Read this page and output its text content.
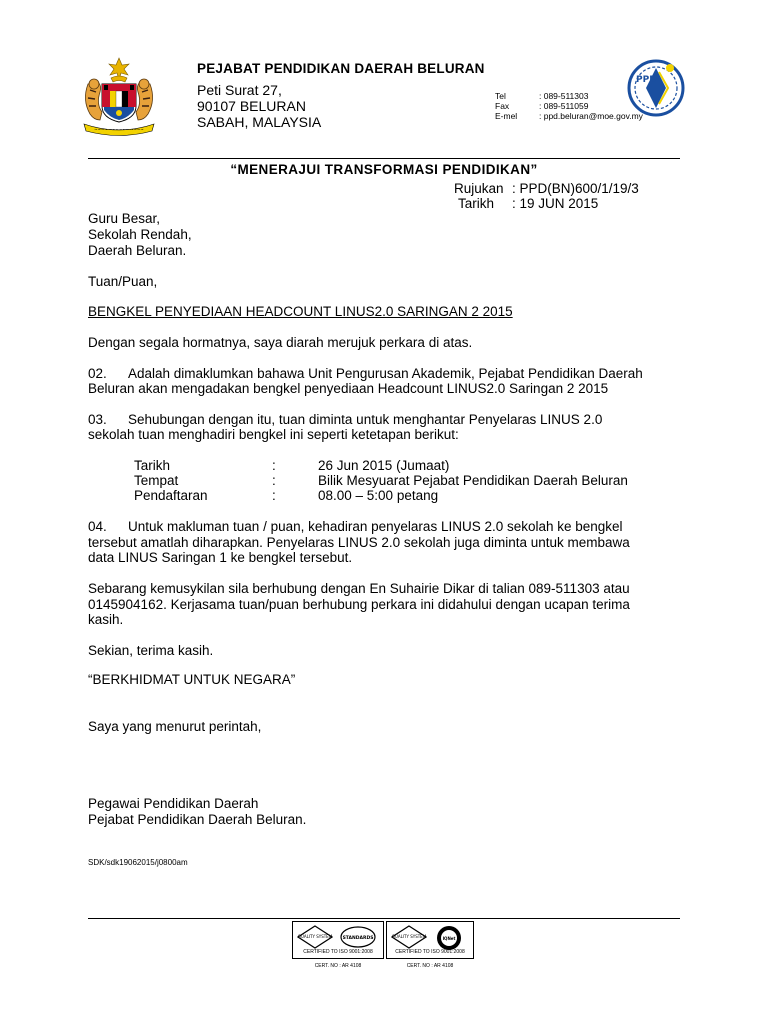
~~~~ ~~~~~~ ~~~~
PEJABAT PENDIDIKAN DAERAH BELURAN
Peti Surat 27,
90107 BELURAN
SABAH, MALAYSIA
Tel	: 089-511303
Fax	: 089-511059
E-mel	: ppd.beluran@moe.gov.my
PPD
“MENERAJUI TRANSFORMASI PENDIDIKAN”
Rujukan : PPD(BN)600/1/19/3
Tarikh : 19 JUN 2015
Guru Besar,
Sekolah Rendah,
Daerah Beluran.
Tuan/Puan,
BENGKEL PENYEDIAAN HEADCOUNT LINUS2.0 SARINGAN 2 2015
Dengan segala hormatnya, saya diarah merujuk perkara di atas.
02. Adalah dimaklumkan bahawa Unit Pengurusan Akademik, Pejabat Pendidikan Daerah
Beluran akan mengadakan bengkel penyediaan Headcount LINUS2.0 Saringan 2 2015
03. Sehubungan dengan itu, tuan diminta untuk menghantar Penyelaras LINUS 2.0
sekolah tuan menghadiri bengkel ini seperti ketetapan berikut:
Tarikh	:	26 Jun 2015 (Jumaat)
Tempat	:	Bilik Mesyuarat Pejabat Pendidikan Daerah Beluran
Pendaftaran	:	08.00 – 5:00 petang
04. Untuk makluman tuan / puan, kehadiran penyelaras LINUS 2.0 sekolah ke bengkel
tersebut amatlah diharapkan. Penyelaras LINUS 2.0 sekolah juga diminta untuk membawa
data LINUS Saringan 1 ke bengkel tersebut.
Sebarang kemusykilan sila berhubung dengan En Suhairie Dikar di talian 089-511303 atau
0145904162. Kerjasama tuan/puan berhubung perkara ini didahului dengan ucapan terima
kasih.
Sekian, terima kasih.
“BERKHIDMAT UNTUK NEGARA”
Saya yang menurut perintah,
Pegawai Pendidikan Daerah
Pejabat Pendidikan Daerah Beluran.
SDK/sdk19062015/j0800am
QUALITY SYSTEM STANDARDS
CERTIFIED TO ISO 9001:2008
CERT. NO : AR 4108
QUALITY SYSTEM	IQNet
CERTIFIED TO ISO 9001:2008
CERT. NO : AR 4108
